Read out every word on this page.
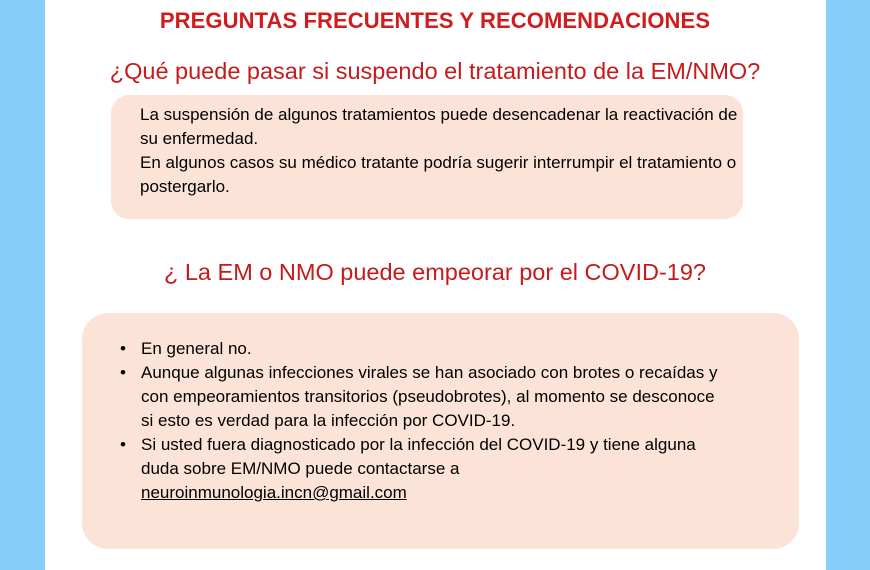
PREGUNTAS FRECUENTES Y RECOMENDACIONES
¿Qué puede pasar si suspendo el tratamiento de la EM/NMO?

La suspensión de algunos tratamientos puede desencadenar la reactivación de su enfermedad.

En algunos casos su médico tratante podría sugerir interrumpir el tratamiento o postergarlo.

¿ La EM o NMO puede empeorar por el COVID-19?
• En general no.
• Aunque algunas infecciones virales se han asociado con brotes o recaídas y con empeoramientos transitorios (pseudobrotes), al momento se desconoce si esto es verdad para la infección por COVID-19.
• Si usted fuera diagnosticado por la infección del COVID-19 y tiene alguna duda sobre EM/NMO puede contactarse a
neuroinmunologia.incn@gmail.com
